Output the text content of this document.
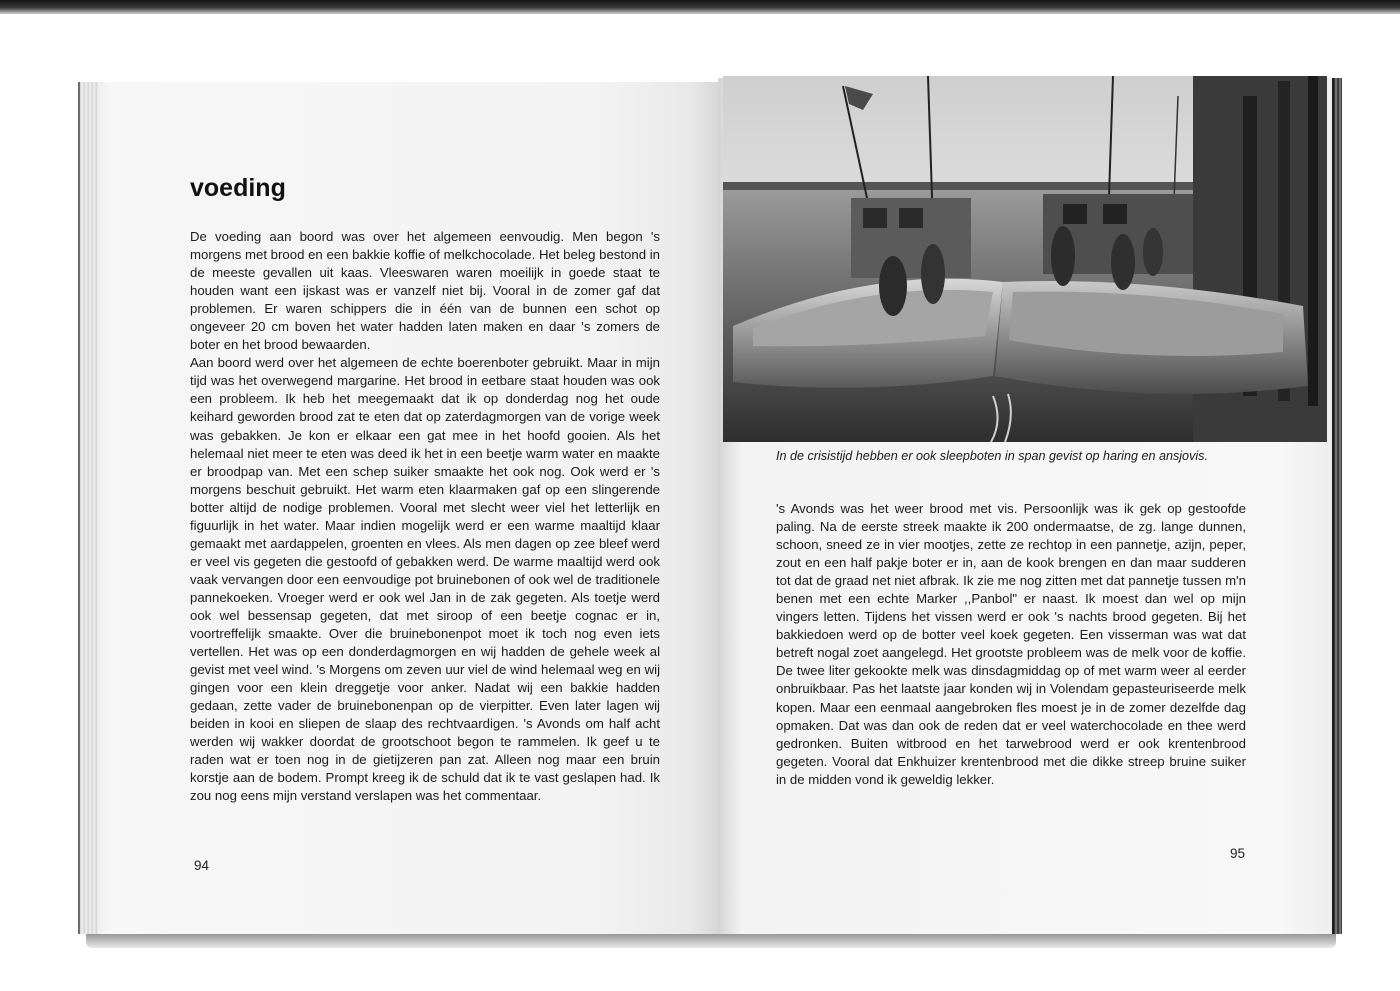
voeding

De voeding aan boord was over het algemeen eenvoudig. Men begon 's morgens met brood en een bakkie koffie of melkchocolade. Het beleg bestond in de meeste gevallen uit kaas. Vleeswaren waren moeilijk in goede staat te houden want een ijskast was er vanzelf niet bij. Vooral in de zomer gaf dat problemen. Er waren schippers die in één van de bunnen een schot op ongeveer 20 cm boven het water hadden laten maken en daar 's zomers de boter en het brood bewaarden.

Aan boord werd over het algemeen de echte boerenboter gebruikt. Maar in mijn tijd was het overwegend margarine. Het brood in eetbare staat houden was ook een probleem. Ik heb het meegemaakt dat ik op donderdag nog het oude keihard geworden brood zat te eten dat op zaterdagmorgen van de vorige week was gebakken. Je kon er elkaar een gat mee in het hoofd gooien. Als het helemaal niet meer te eten was deed ik het in een beetje warm water en maakte er broodpap van. Met een schep suiker smaakte het ook nog. Ook werd er 's morgens beschuit gebruikt. Het warm eten klaarmaken gaf op een slingerende botter altijd de nodige problemen. Vooral met slecht weer viel het letterlijk en figuurlijk in het water. Maar indien mogelijk werd er een warme maaltijd klaar gemaakt met aardappelen, groenten en vlees. Als men dagen op zee bleef werd er veel vis gegeten die gestoofd of gebakken werd. De warme maaltijd werd ook vaak vervangen door een eenvoudige pot bruinebonen of ook wel de traditionele pannekoeken. Vroeger werd er ook wel Jan in de zak gegeten. Als toetje werd ook wel bessensap gegeten, dat met siroop of een beetje cognac er in, voortreffelijk smaakte. Over die bruinebonenpot moet ik toch nog even iets vertellen. Het was op een donderdagmorgen en wij hadden de gehele week al gevist met veel wind. 's Morgens om zeven uur viel de wind helemaal weg en wij gingen voor een klein dreggetje voor anker. Nadat wij een bakkie hadden gedaan, zette vader de bruinebonenpan op de vierpitter. Even later lagen wij beiden in kooi en sliepen de slaap des rechtvaardigen. 's Avonds om half acht werden wij wakker doordat de grootschoot begon te rammelen. Ik geef u te raden wat er toen nog in de gietijzeren pan zat. Alleen nog maar een bruin korstje aan de bodem. Prompt kreeg ik de schuld dat ik te vast geslapen had. Ik zou nog eens mijn verstand verslapen was het commentaar.

94
In de crisistijd hebben er ook sleepboten in span gevist op haring en ansjovis.
's Avonds was het weer brood met vis. Persoonlijk was ik gek op gestoofde paling. Na de eerste streek maakte ik 200 ondermaatse, de zg. lange dunnen, schoon, sneed ze in vier mootjes, zette ze rechtop in een pannetje, azijn, peper, zout en een half pakje boter er in, aan de kook brengen en dan maar sudderen tot dat de graad net niet afbrak. Ik zie me nog zitten met dat pannetje tussen m'n benen met een echte Marker ,,Panbol" er naast. Ik moest dan wel op mijn vingers letten. Tijdens het vissen werd er ook 's nachts brood gegeten. Bij het bakkiedoen werd op de botter veel koek gegeten. Een visserman was wat dat betreft nogal zoet aangelegd. Het grootste probleem was de melk voor de koffie. De twee liter gekookte melk was dinsdagmiddag op of met warm weer al eerder onbruikbaar. Pas het laatste jaar konden wij in Volendam gepasteuriseerde melk kopen. Maar een eenmaal aangebroken fles moest je in de zomer dezelfde dag opmaken. Dat was dan ook de reden dat er veel waterchocolade en thee werd gedronken. Buiten witbrood en het tarwebrood werd er ook krentenbrood gegeten. Vooral dat Enkhuizer krentenbrood met die dikke streep bruine suiker in de midden vond ik geweldig lekker.
95
